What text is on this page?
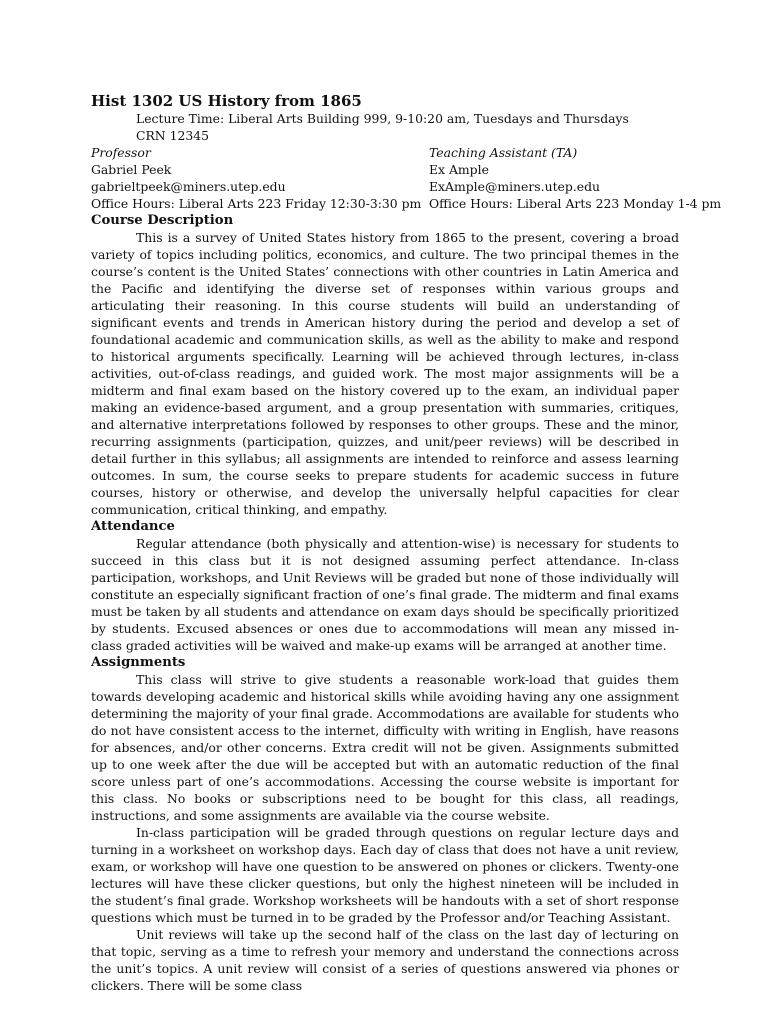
Hist 1302 US History from 1865

Lecture Time: Liberal Arts Building 999, 9-10:20 am, Tuesdays and Thursdays

CRN 12345

Professor
Gabriel Peek
gabrieltpeek@miners.utep.edu
Office Hours: Liberal Arts 223 Friday 12:30-3:30 pm
Teaching Assistant (TA)
Ex Ample
ExAmple@miners.utep.edu
Office Hours: Liberal Arts 223 Monday 1-4 pm
Course Description

This is a survey of United States history from 1865 to the present, covering a broad variety of topics including politics, economics, and culture. The two principal themes in the course’s content is the United States’ connections with other countries in Latin America and the Pacific and identifying the diverse set of responses within various groups and articulating their reasoning. In this course students will build an understanding of significant events and trends in American history during the period and develop a set of foundational academic and communication skills, as well as the ability to make and respond to historical arguments specifically. Learning will be achieved through lectures, in-class activities, out-of-class readings, and guided work. The most major assignments will be a midterm and final exam based on the history covered up to the exam, an individual paper making an evidence-based argument, and a group presentation with summaries, critiques, and alternative interpretations followed by responses to other groups. These and the minor, recurring assignments (participation, quizzes, and unit/peer reviews) will be described in detail further in this syllabus; all assignments are intended to reinforce and assess learning outcomes. In sum, the course seeks to prepare students for academic success in future courses, history or otherwise, and develop the universally helpful capacities for clear communication, critical thinking, and empathy.

Attendance

Regular attendance (both physically and attention-wise) is necessary for students to succeed in this class but it is not designed assuming perfect attendance. In-class participation, workshops, and Unit Reviews will be graded but none of those individually will constitute an especially significant fraction of one’s final grade. The midterm and final exams must be taken by all students and attendance on exam days should be specifically prioritized by students. Excused absences or ones due to accommodations will mean any missed in-class graded activities will be waived and make-up exams will be arranged at another time.

Assignments

This class will strive to give students a reasonable work-load that guides them towards developing academic and historical skills while avoiding having any one assignment determining the majority of your final grade. Accommodations are available for students who do not have consistent access to the internet, difficulty with writing in English, have reasons for absences, and/or other concerns. Extra credit will not be given. Assignments submitted up to one week after the due will be accepted but with an automatic reduction of the final score unless part of one’s accommodations. Accessing the course website is important for this class. No books or subscriptions need to be bought for this class, all readings, instructions, and some assignments are available via the course website.

In-class participation will be graded through questions on regular lecture days and turning in a worksheet on workshop days. Each day of class that does not have a unit review, exam, or workshop will have one question to be answered on phones or clickers. Twenty-one lectures will have these clicker questions, but only the highest nineteen will be included in the student’s final grade. Workshop worksheets will be handouts with a set of short response questions which must be turned in to be graded by the Professor and/or Teaching Assistant.

Unit reviews will take up the second half of the class on the last day of lecturing on that topic, serving as a time to refresh your memory and understand the connections across the unit’s topics. A unit review will consist of a series of questions answered via phones or clickers. There will be some class
